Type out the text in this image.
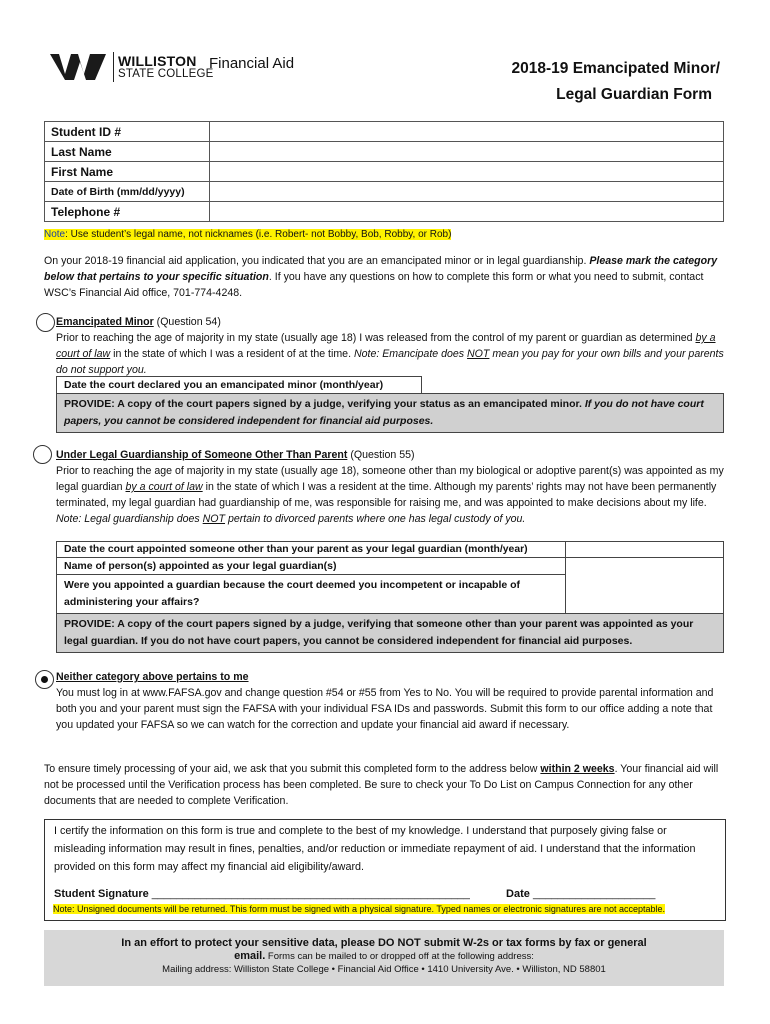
WILLISTON
STATE COLLEGE
Financial Aid	2018-19 Emancipated Minor/
Legal Guardian Form
Student ID #	
Last Name	
First Name	
Date of Birth (mm/dd/yyyy)	
Telephone #	
Note: Use student’s legal name, not nicknames (i.e. Robert- not Bobby, Bob, Robby, or Rob)
On your 2018-19 financial aid application, you indicated that you are an emancipated minor or in legal guardianship. Please mark the category below that pertains to your specific situation. If you have any questions on how to complete this form or what you need to submit, contact WSC’s Financial Aid office, 701-774-4248.
Emancipated Minor (Question 54)
Prior to reaching the age of majority in my state (usually age 18) I was released from the control of my parent or guardian as determined by a court of law in the state of which I was a resident of at the time. Note: Emancipate does NOT mean you pay for your own bills and your parents do not support you.
Date the court declared you an emancipated minor (month/year)	
PROVIDE: A copy of the court papers signed by a judge, verifying your status as an emancipated minor. If you do not have court papers, you cannot be considered independent for financial aid purposes.
Under Legal Guardianship of Someone Other Than Parent (Question 55)
Prior to reaching the age of majority in my state (usually age 18), someone other than my biological or adoptive parent(s) was appointed as my legal guardian by a court of law in the state of which I was a resident at the time. Although my parents’ rights may not have been permanently terminated, my legal guardian had guardianship of me, was responsible for raising me, and was appointed to make decisions about my life. Note: Legal guardianship does NOT pertain to divorced parents where one has legal custody of you.
Date the court appointed someone other than your parent as your legal guardian (month/year)	
Name of person(s) appointed as your legal guardian(s)	
Were you appointed a guardian because the court deemed you incompetent or incapable of administering your affairs?	
PROVIDE: A copy of the court papers signed by a judge, verifying that someone other than your parent was appointed as your legal guardian. If you do not have court papers, you cannot be considered independent for financial aid purposes.	
Neither category above pertains to me
You must log in at www.FAFSA.gov and change question #54 or #55 from Yes to No. You will be required to provide parental information and both you and your parent must sign the FAFSA with your individual FSA IDs and passwords. Submit this form to our office adding a note that you updated your FAFSA so we can watch for the correction and update your financial aid award if necessary.
To ensure timely processing of your aid, we ask that you submit this completed form to the address below within 2 weeks. Your financial aid will not be processed until the Verification process has been completed. Be sure to check your To Do List on Campus Connection for any other documents that are needed to complete Verification.
I certify the information on this form is true and complete to the best of my knowledge. I understand that purposely giving false or misleading information may result in fines, penalties, and/or reduction or immediate repayment of aid. I understand that the information provided on this form may affect my financial aid eligibility/award.
Student Signature ____________________________________________________	Date ____________________
Note: Unsigned documents will be returned. This form must be signed with a physical signature. Typed names or electronic signatures are not acceptable.
In an effort to protect your sensitive data, please DO NOT submit W-2s or tax forms by fax or general
email. Forms can be mailed to or dropped off at the following address:
Mailing address: Williston State College • Financial Aid Office • 1410 University Ave. • Williston, ND 58801
